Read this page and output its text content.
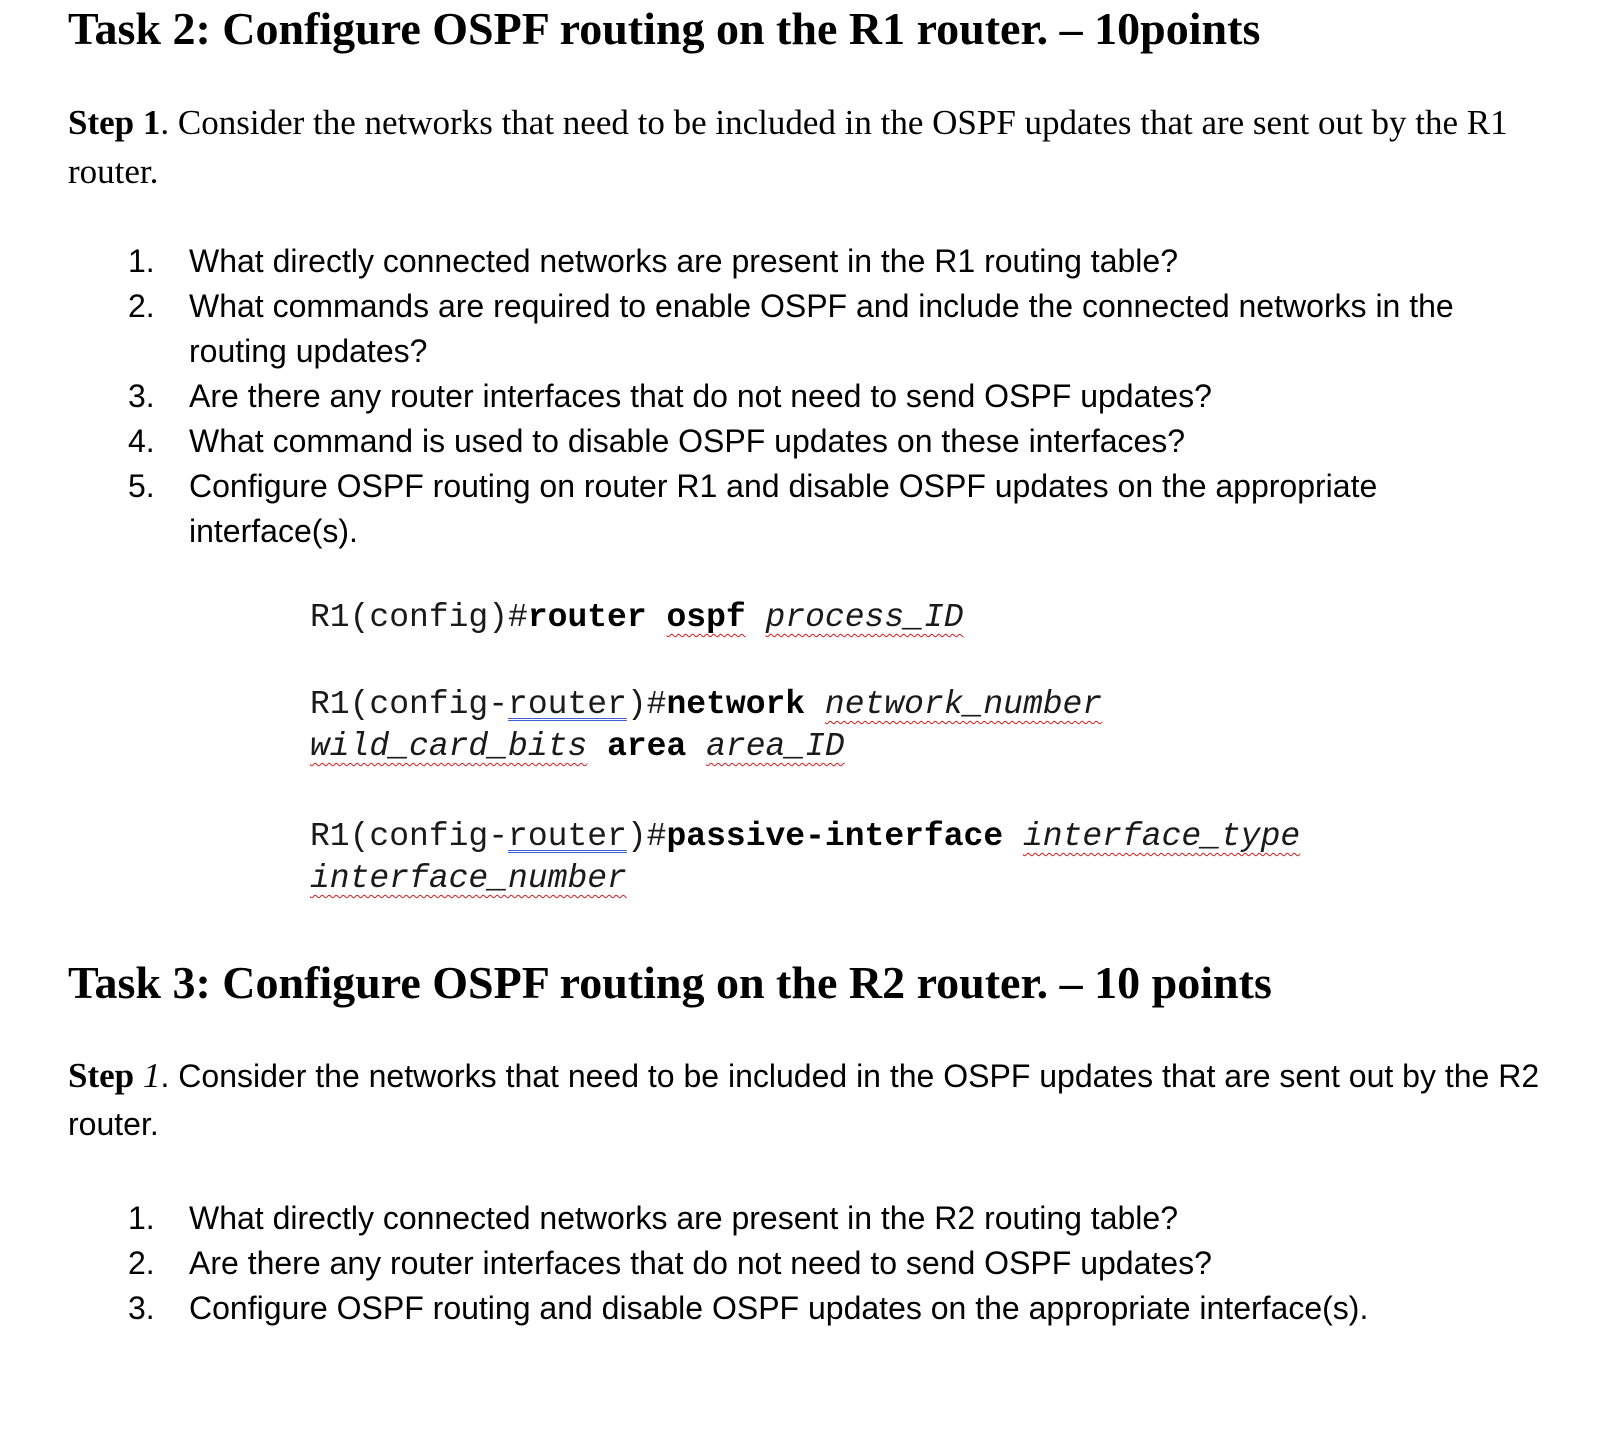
Task 2: Configure OSPF routing on the R1 router. – 10points

Step 1. Consider the networks that need to be included in the OSPF updates that are sent out by the R1 router.

1. What directly connected networks are present in the R1 routing table?
2. What commands are required to enable OSPF and include the connected networks in the routing updates?
3. Are there any router interfaces that do not need to send OSPF updates?
4. What command is used to disable OSPF updates on these interfaces?
5. Configure OSPF routing on router R1 and disable OSPF updates on the appropriate interface(s).
R1(config)#router ospf process_ID
R1(config-router)#network network_number
wild_card_bits area area_ID
R1(config-router)#passive-interface interface_type
interface_number
Task 3: Configure OSPF routing on the R2 router. – 10 points

Step 1. Consider the networks that need to be included in the OSPF updates that are sent out by the R2 router.

1. What directly connected networks are present in the R2 routing table?
2. Are there any router interfaces that do not need to send OSPF updates?
3. Configure OSPF routing and disable OSPF updates on the appropriate interface(s).
